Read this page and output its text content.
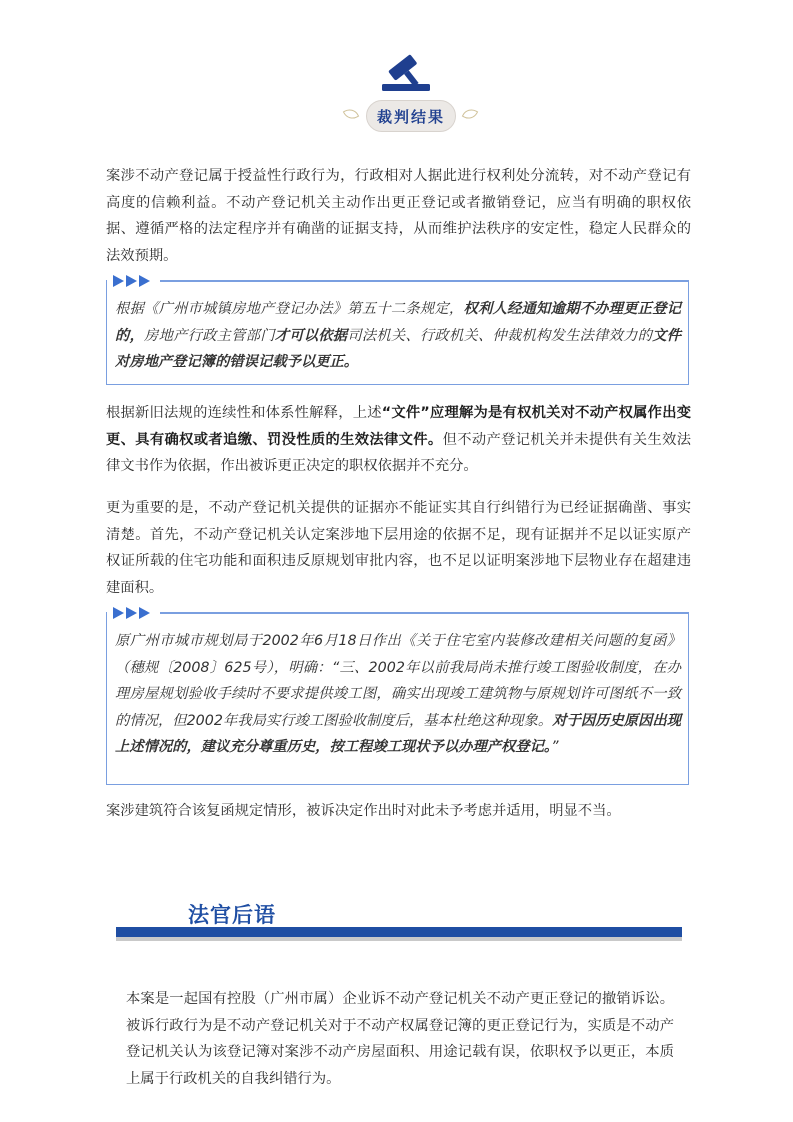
裁判结果

案涉不动产登记属于授益性行政行为，行政相对人据此进行权利处分流转，对不动产登记有高度的信赖利益。不动产登记机关主动作出更正登记或者撤销登记，应当有明确的职权依据、遵循严格的法定程序并有确凿的证据支持，从而维护法秩序的安定性，稳定人民群众的法效预期。

根据《广州市城镇房地产登记办法》第五十二条规定，权利人经通知逾期不办理更正登记的，房地产行政主管部门才可以依据司法机关、行政机关、仲裁机构发生法律效力的文件对房地产登记簿的错误记载予以更正。

根据新旧法规的连续性和体系性解释，上述“文件”应理解为是有权机关对不动产权属作出变更、具有确权或者追缴、罚没性质的生效法律文件。但不动产登记机关并未提供有关生效法律文书作为依据，作出被诉更正决定的职权依据并不充分。

更为重要的是，不动产登记机关提供的证据亦不能证实其自行纠错行为已经证据确凿、事实清楚。首先，不动产登记机关认定案涉地下层用途的依据不足，现有证据并不足以证实原产权证所载的住宅功能和面积违反原规划审批内容，也不足以证明案涉地下层物业存在超建违建面积。

原广州市城市规划局于2002年6月18日作出《关于住宅室内装修改建相关问题的复函》（穗规〔2008〕625号），明确：“三、2002年以前我局尚未推行竣工图验收制度，在办理房屋规划验收手续时不要求提供竣工图，确实出现竣工建筑物与原规划许可图纸不一致的情况，但2002年我局实行竣工图验收制度后，基本杜绝这种现象。对于因历史原因出现上述情况的，建议充分尊重历史，按工程竣工现状予以办理产权登记。”

案涉建筑符合该复函规定情形，被诉决定作出时对此未予考虑并适用，明显不当。

法官后语

本案是一起国有控股（广州市属）企业诉不动产登记机关不动产更正登记的撤销诉讼。被诉行政行为是不动产登记机关对于不动产权属登记簿的更正登记行为，实质是不动产登记机关认为该登记簿对案涉不动产房屋面积、用途记载有误，依职权予以更正，本质上属于行政机关的自我纠错行为。
